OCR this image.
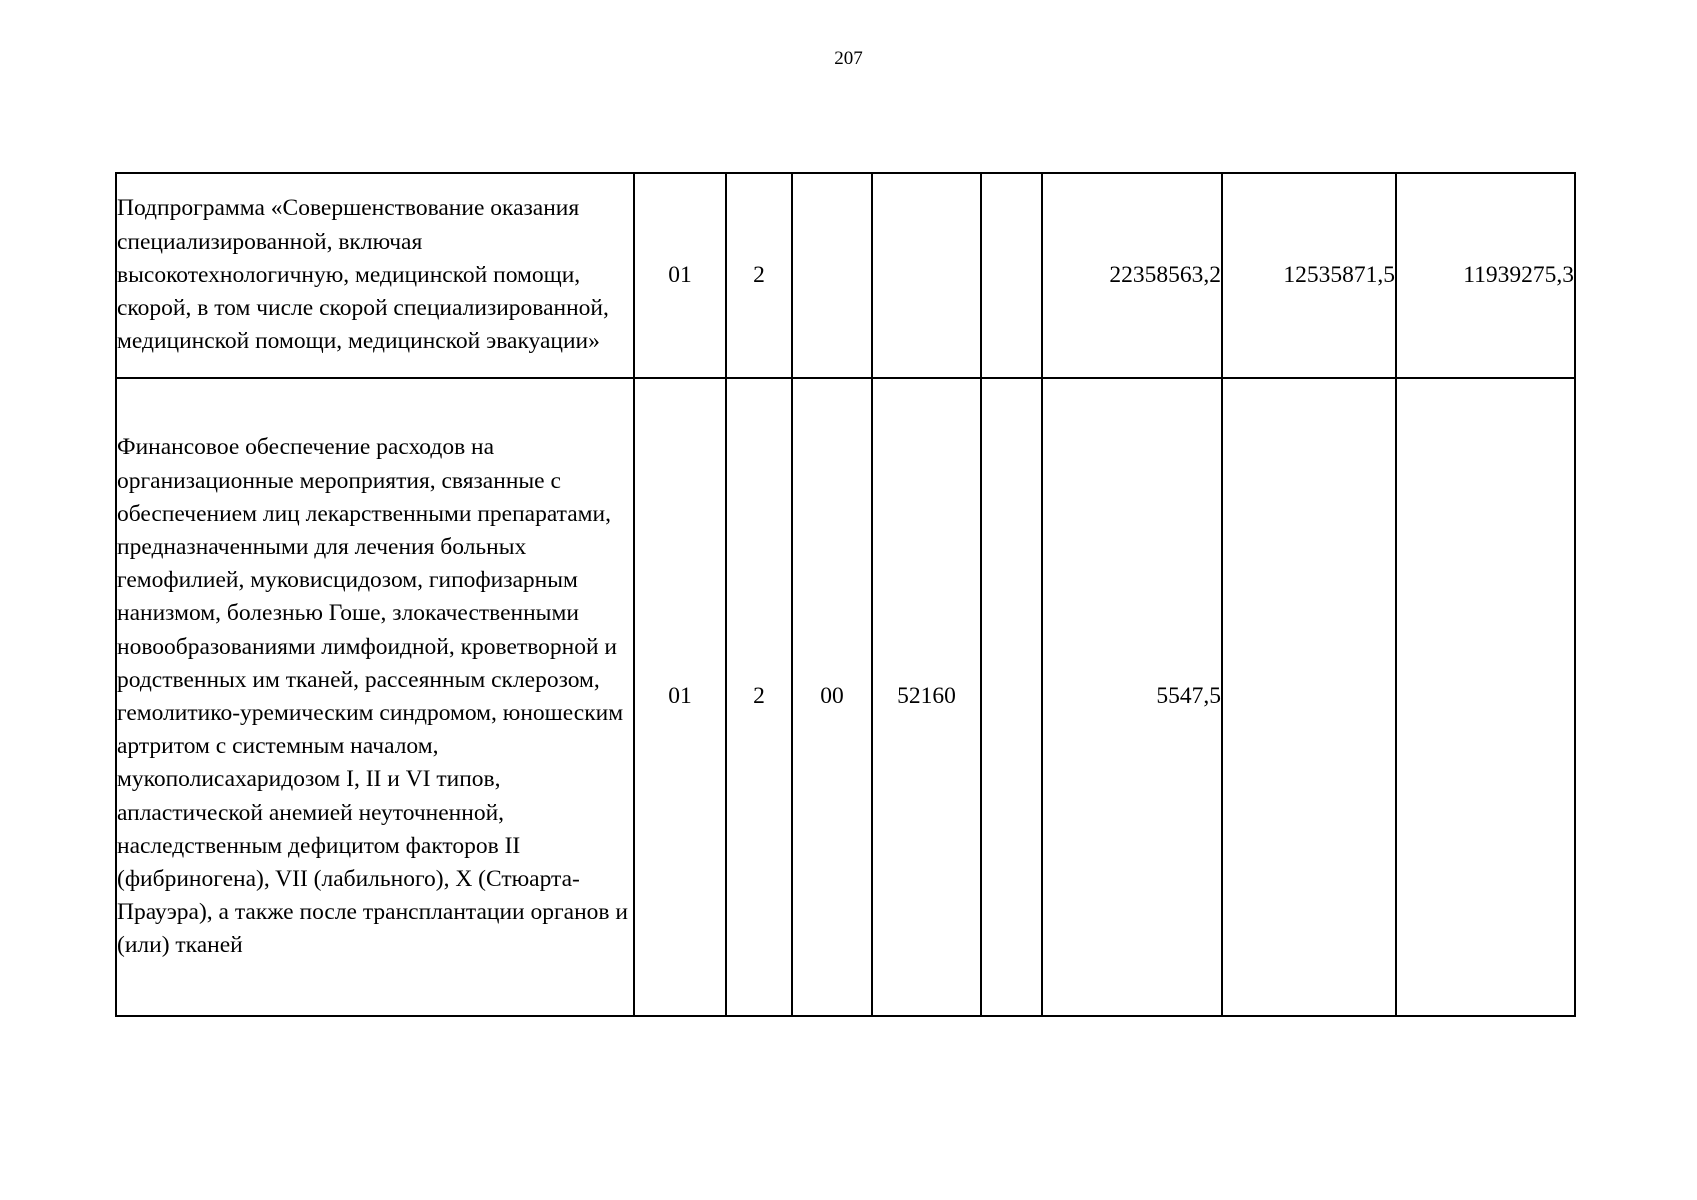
207
Подпрограмма «Совершенствование оказания специализированной, включая высокотехнологичную, медицинской помощи, скорой, в том числе скорой специализированной, медицинской помощи, медицинской эвакуации»	01	2				22358563,2	12535871,5	11939275,3

Финансовое обеспечение расходов на организационные мероприятия, связанные с обеспечением лиц лекарственными препаратами, предназначенными для лечения больных гемофилией, муковисцидозом, гипофизарным нанизмом, болезнью Гоше, злокачественными новообразованиями лимфоидной, кроветворной и родственных им тканей, рассеянным склерозом, гемолитико-уремическим синдромом, юношеским артритом с системным началом, мукополисахаридозом I, II и VI типов, апластической анемией неуточненной, наследственным дефицитом факторов II (фибриногена), VII (лабильного), X (Стюарта-Прауэра), а также после трансплантации органов и (или) тканей	01	2	00	52160		5547,5		
